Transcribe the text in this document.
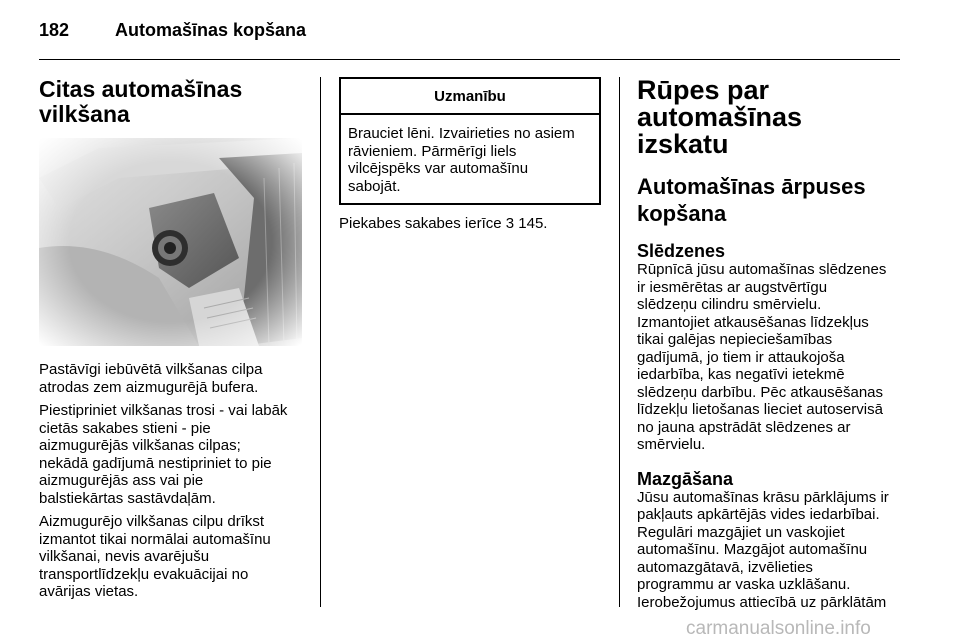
182	Automašīnas kopšana
Citas automašīnas
vilkšana
Pastāvīgi iebūvētā vilkšanas cilpa
atrodas zem aizmugurējā bufera.
Piestipriniet vilkšanas trosi - vai labāk
cietās sakabes stieni - pie
aizmugurējās vilkšanas cilpas;
nekādā gadījumā nestipriniet to pie
aizmugurējās ass vai pie
balstiekārtas sastāvdaļām.
Aizmugurējo vilkšanas cilpu drīkst
izmantot tikai normālai automašīnu
vilkšanai, nevis avarējušu
transportlīdzekļu evakuācijai no
avārijas vietas.
Uzmanību
Brauciet lēni. Izvairieties no asiem
rāvieniem. Pārmērīgi liels
vilcējspēks var automašīnu
sabojāt.
Piekabes sakabes ierīce 3 145.
Rūpes par automašīnas
izskatu
Automašīnas ārpuses
kopšana
Slēdzenes
Rūpnīcā jūsu automašīnas slēdzenes
ir iesmērētas ar augstvērtīgu
slēdzeņu cilindru smērvielu.
Izmantojiet atkausēšanas līdzekļus
tikai galējas nepieciešamības
gadījumā, jo tiem ir attaukojoša
iedarbība, kas negatīvi ietekmē
slēdzeņu darbību. Pēc atkausēšanas
līdzekļu lietošanas lieciet autoservisā
no jauna apstrādāt slēdzenes ar
smērvielu.
Mazgāšana
Jūsu automašīnas krāsu pārklājums ir
pakļauts apkārtējās vides iedarbībai.
Regulāri mazgājiet un vaskojiet
automašīnu. Mazgājot automašīnu
automazgātavā, izvēlieties
programmu ar vaska uzklāšanu.
Ierobežojumus attiecībā uz pārklātām
carmanualsonline.info
